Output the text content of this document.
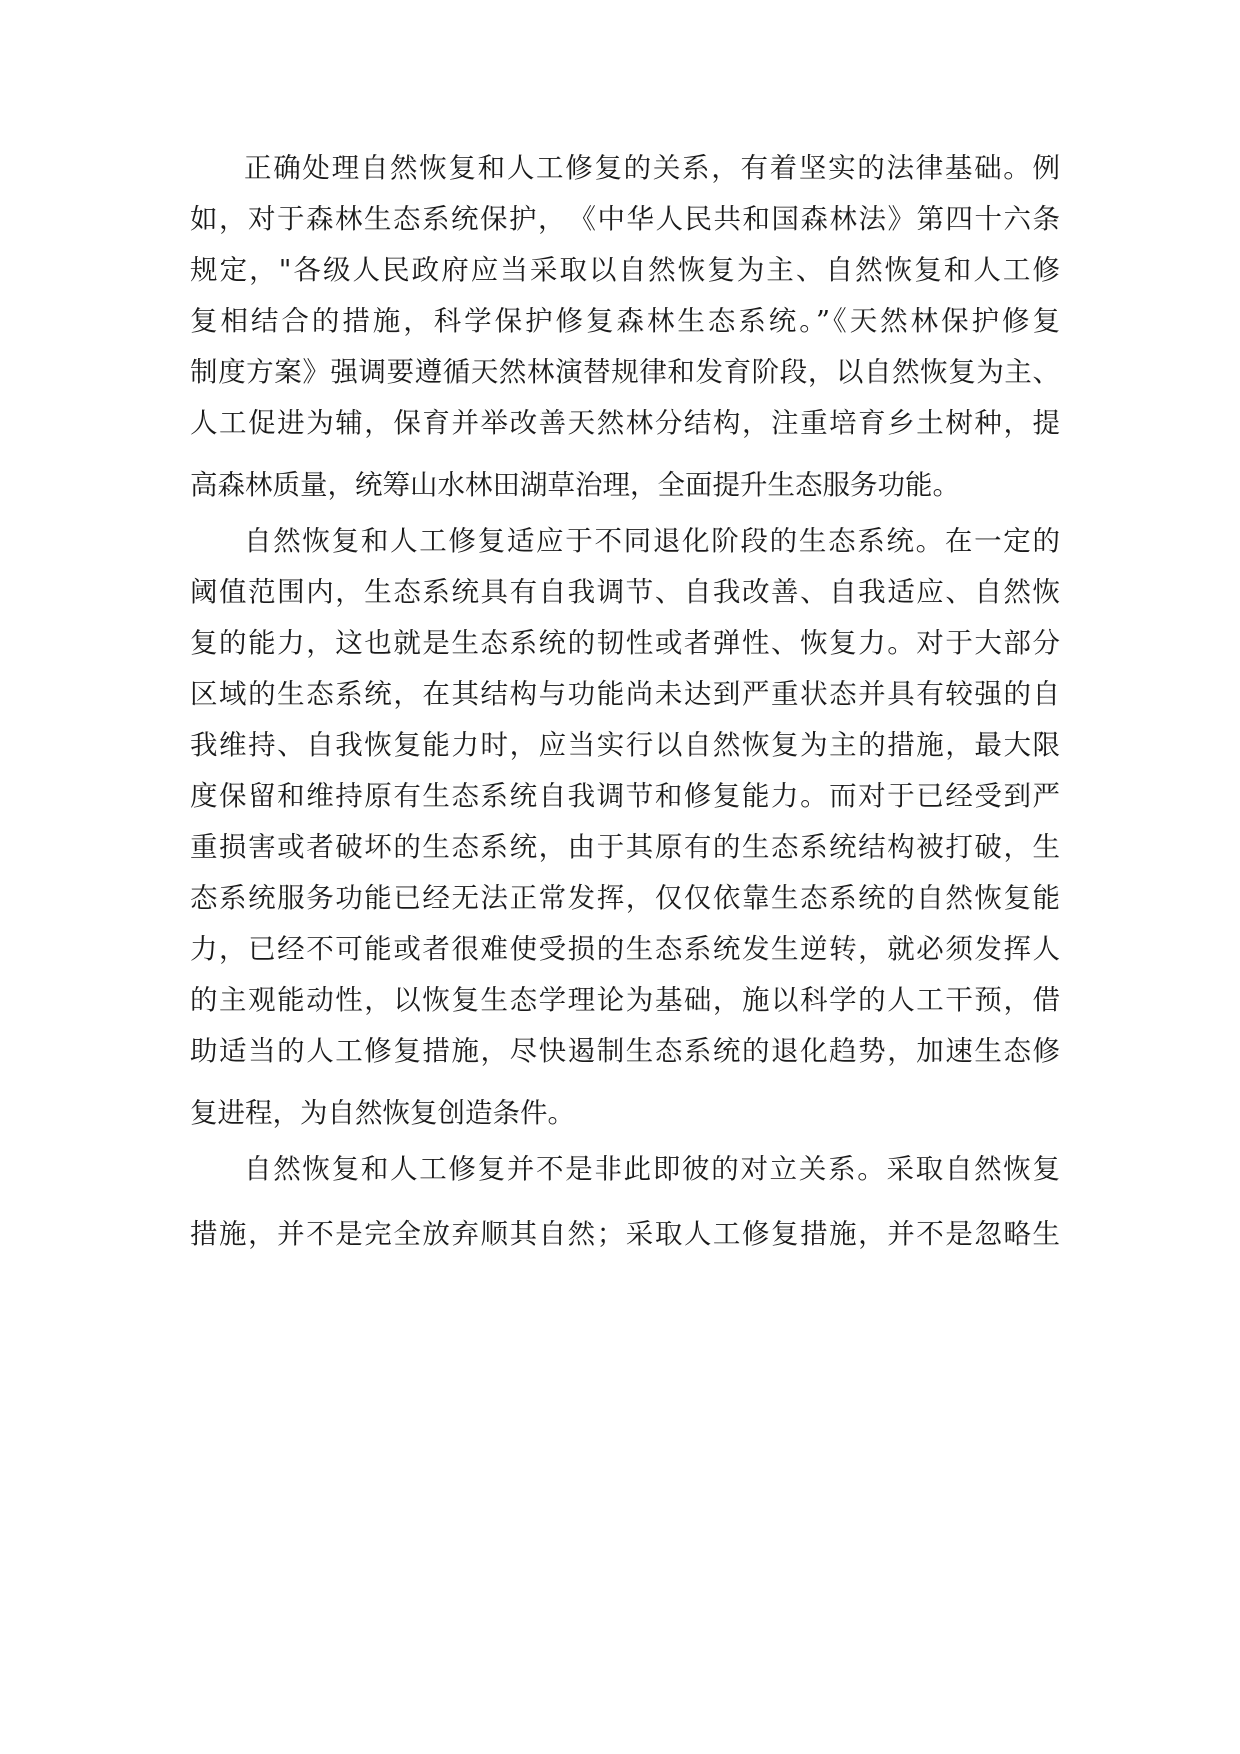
正确处理自然恢复和人工修复的关系，有着坚实的法律基础。例
如，对于森林生态系统保护，　《中华人民共和国森林法》第四十六条
规定，"各级人民政府应当采取以自然恢复为主、自然恢复和人工修
复相结合的措施，科学保护修复森林生态系统。”《天然林保护修复
制度方案》强调要遵循天然林演替规律和发育阶段，以自然恢复为主、
人工促进为辅，保育并举改善天然林分结构，注重培育乡土树种，提
高森林质量，统筹山水林田湖草治理，全面提升生态服务功能。
自然恢复和人工修复适应于不同退化阶段的生态系统。在一定的
阈值范围内，生态系统具有自我调节、自我改善、自我适应、自然恢
复的能力，这也就是生态系统的韧性或者弹性、恢复力。对于大部分
区域的生态系统，在其结构与功能尚未达到严重状态并具有较强的自
我维持、自我恢复能力时，应当实行以自然恢复为主的措施，最大限
度保留和维持原有生态系统自我调节和修复能力。而对于已经受到严
重损害或者破坏的生态系统，由于其原有的生态系统结构被打破，生
态系统服务功能已经无法正常发挥，仅仅依靠生态系统的自然恢复能
力，已经不可能或者很难使受损的生态系统发生逆转，就必须发挥人
的主观能动性，以恢复生态学理论为基础，施以科学的人工干预，借
助适当的人工修复措施，尽快遏制生态系统的退化趋势，加速生态修
复进程，为自然恢复创造条件。
自然恢复和人工修复并不是非此即彼的对立关系。采取自然恢复
措施，并不是完全放弃顺其自然；采取人工修复措施，并不是忽略生
